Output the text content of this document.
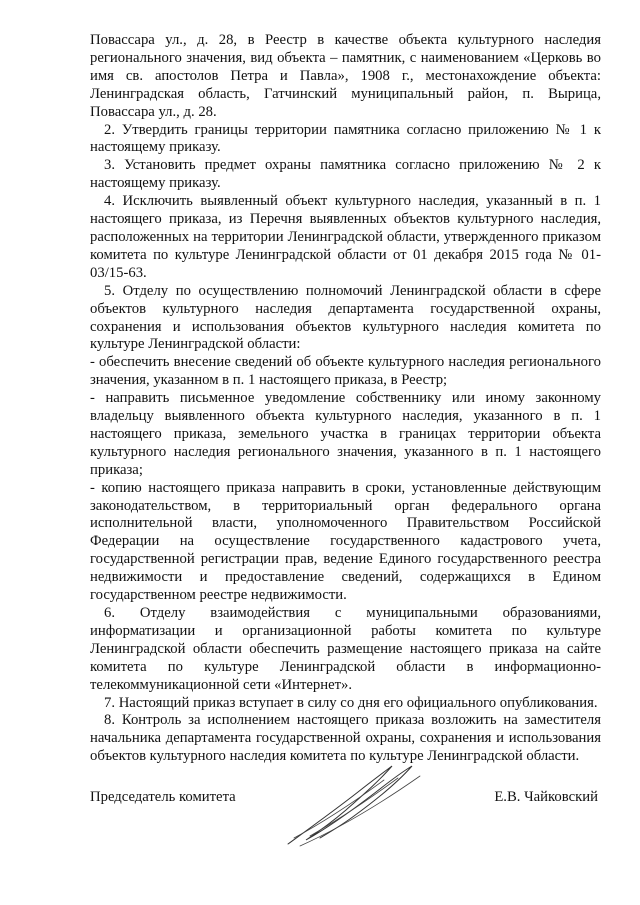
Повассара ул., д. 28, в Реестр в качестве объекта культурного наследия регионального значения, вид объекта – памятник, с наименованием «Церковь во имя св. апостолов Петра и Павла», 1908 г., местонахождение объекта: Ленинградская область, Гатчинский муниципальный район, п. Вырица, Повассара ул., д. 28.

2. Утвердить границы территории памятника согласно приложению № 1 к настоящему приказу.

3. Установить предмет охраны памятника согласно приложению № 2 к настоящему приказу.

4. Исключить выявленный объект культурного наследия, указанный в п. 1 настоящего приказа, из Перечня выявленных объектов культурного наследия, расположенных на территории Ленинградской области, утвержденного приказом комитета по культуре Ленинградской области от 01 декабря 2015 года № 01-03/15-63.

5. Отделу по осуществлению полномочий Ленинградской области в сфере объектов культурного наследия департамента государственной охраны, сохранения и использования объектов культурного наследия комитета по культуре Ленинградской области:

- обеспечить внесение сведений об объекте культурного наследия регионального значения, указанном в п. 1 настоящего приказа, в Реестр;

- направить письменное уведомление собственнику или иному законному владельцу выявленного объекта культурного наследия, указанного в п. 1 настоящего приказа, земельного участка в границах территории объекта культурного наследия регионального значения, указанного в п. 1 настоящего приказа;

- копию настоящего приказа направить в сроки, установленные действующим законодательством, в территориальный орган федерального органа исполнительной власти, уполномоченного Правительством Российской Федерации на осуществление государственного кадастрового учета, государственной регистрации прав, ведение Единого государственного реестра недвижимости и предоставление сведений, содержащихся в Едином государственном реестре недвижимости.

6. Отделу взаимодействия с муниципальными образованиями, информатизации и организационной работы комитета по культуре Ленинградской области обеспечить размещение настоящего приказа на сайте комитета по культуре Ленинградской области в информационно-телекоммуникационной сети «Интернет».

7. Настоящий приказ вступает в силу со дня его официального опубликования.

8. Контроль за исполнением настоящего приказа возложить на заместителя начальника департамента государственной охраны, сохранения и использования объектов культурного наследия комитета по культуре Ленинградской области.

Председатель комитета	Е.В. Чайковский
